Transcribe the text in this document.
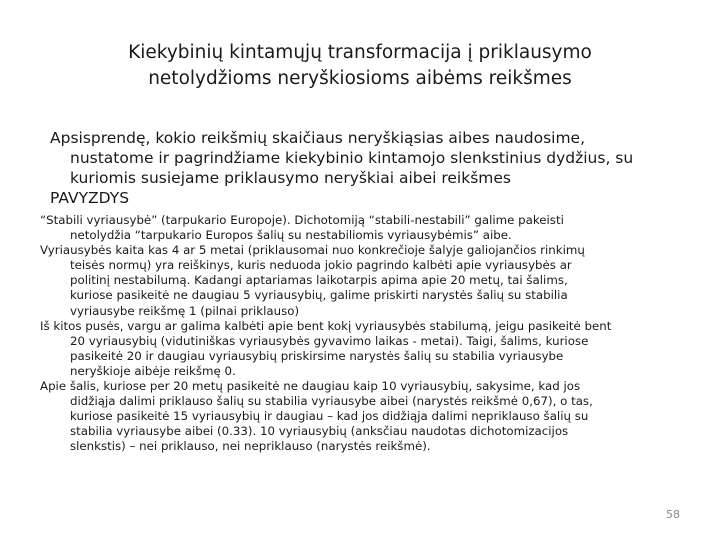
Kiekybinių kintamųjų transformacija į priklausymo
netolydžioms neryškiosioms aibėms reikšmes
Apsisprendę, kokio reikšmių skaičiaus neryškiąsias aibes naudosime,
nustatome ir pagrindžiame kiekybinio kintamojo slenkstinius dydžius, su
kuriomis susiejame priklausymo neryškiai aibei reikšmes
PAVYZDYS
“Stabili vyriausybė” (tarpukario Europoje). Dichotomiją “stabili-nestabili” galime pakeisti
netolydžia “tarpukario Europos šalių su nestabiliomis vyriausybėmis” aibe.
Vyriausybės kaita kas 4 ar 5 metai (priklausomai nuo konkrečioje šalyje galiojančios rinkimų
teisės normų) yra reiškinys, kuris neduoda jokio pagrindo kalbėti apie vyriausybės ar
politinį nestabilumą. Kadangi aptariamas laikotarpis apima apie 20 metų, tai šalims,
kuriose pasikeitė ne daugiau 5 vyriausybių, galime priskirti narystės šalių su stabilia
vyriausybe reikšmę 1 (pilnai priklauso)
Iš kitos pusės, vargu ar galima kalbėti apie bent kokį vyriausybės stabilumą, jeigu pasikeitė bent
20 vyriausybių (vidutiniškas vyriausybės gyvavimo laikas - metai). Taigi, šalims, kuriose
pasikeitė 20 ir daugiau vyriausybių priskirsime narystės šalių su stabilia vyriausybe
neryškioje aibėje reikšmę 0.
Apie šalis, kuriose per 20 metų pasikeitė ne daugiau kaip 10 vyriausybių, sakysime, kad jos
didžiąja dalimi priklauso šalių su stabilia vyriausybe aibei (narystės reikšmė 0,67), o tas,
kuriose pasikeitė 15 vyriausybių ir daugiau – kad jos didžiąja dalimi nepriklauso šalių su
stabilia vyriausybe aibei (0.33). 10 vyriausybių (anksčiau naudotas dichotomizacijos
slenkstis) – nei priklauso, nei nepriklauso (narystės reikšmė).
58
